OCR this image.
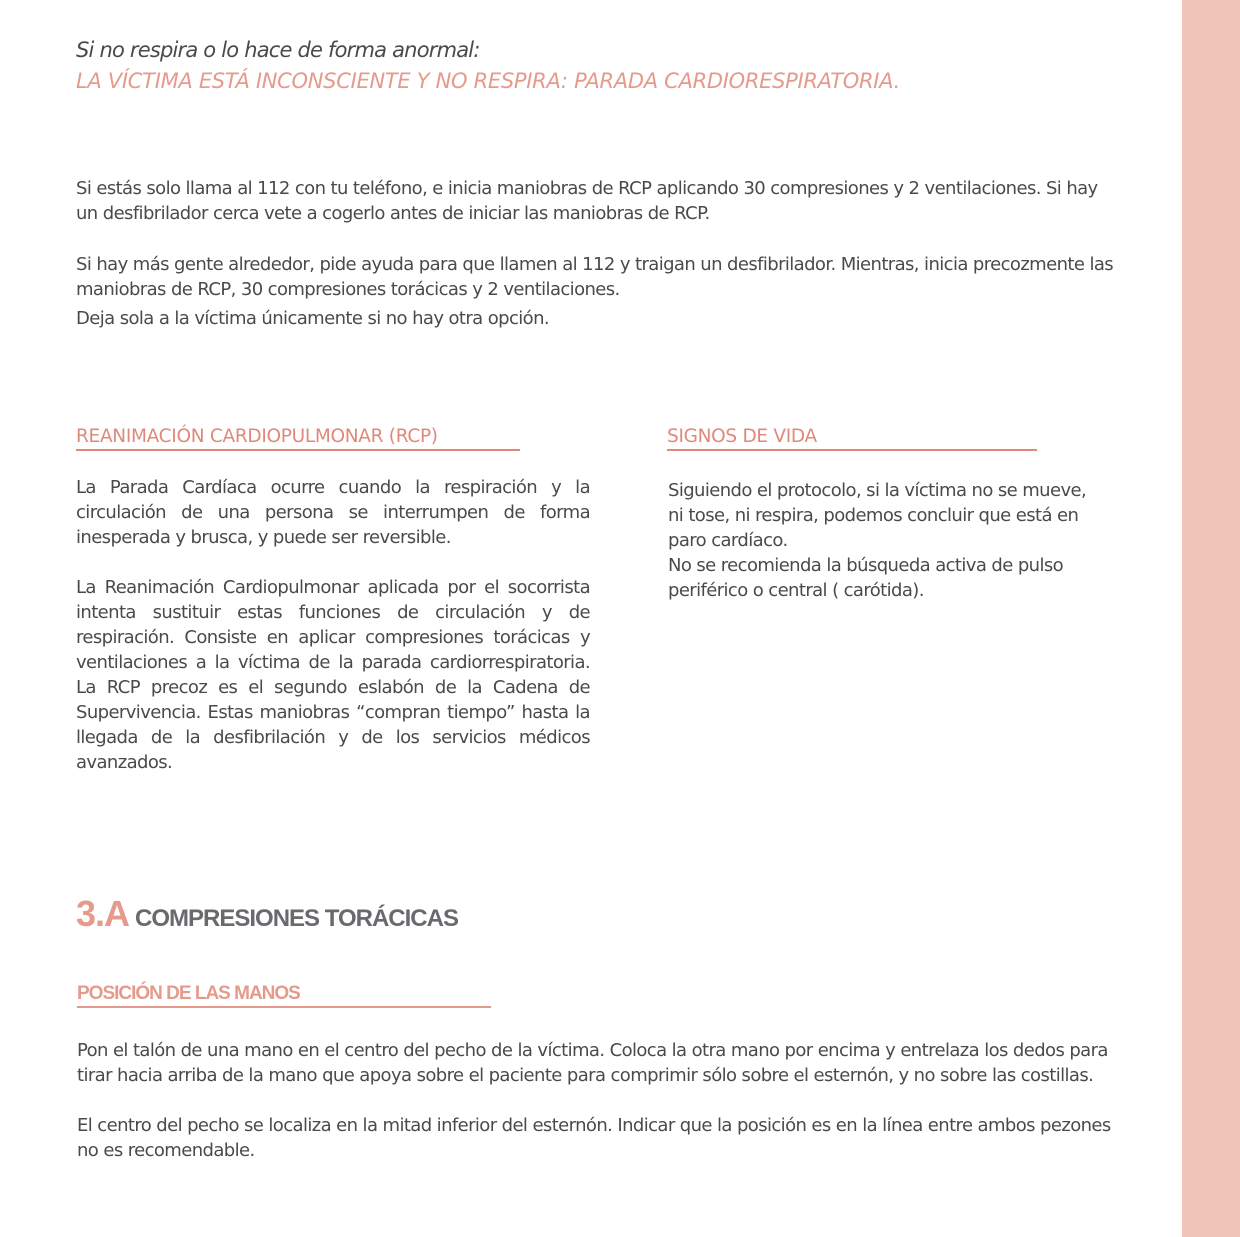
Si no respira o lo hace de forma anormal:
LA VÍCTIMA ESTÁ INCONSCIENTE Y NO RESPIRA: PARADA CARDIORESPIRATORIA.

Si estás solo llama al 112 con tu teléfono, e inicia maniobras de RCP aplicando 30 compresiones y 2 ventilaciones. Si hay un desfibrilador cerca vete a cogerlo antes de iniciar las maniobras de RCP.

Si hay más gente alrededor, pide ayuda para que llamen al 112 y traigan un desfibrilador. Mientras, inicia precozmente las maniobras de RCP, 30 compresiones torácicas y 2 ventilaciones.

Deja sola a la víctima únicamente si no hay otra opción.

REANIMACIÓN CARDIOPULMONAR (RCP)

La Parada Cardíaca ocurre cuando la respiración y la circulación de una persona se interrumpen de forma inesperada y brusca, y puede ser reversible.

La Reanimación Cardiopulmonar aplicada por el socorrista intenta sustituir estas funciones de circulación y de respiración. Consiste en aplicar compresiones torácicas y ventilaciones a la víctima de la parada cardiorrespiratoria. La RCP precoz es el segundo eslabón de la Cadena de Supervivencia. Estas maniobras “compran tiempo” hasta la llegada de la desfibrilación y de los servicios médicos avanzados.

SIGNOS DE VIDA

Siguiendo el protocolo, si la víctima no se mueve, ni tose, ni respira, podemos concluir que está en paro cardíaco.

No se recomienda la búsqueda activa de pulso periférico o central ( carótida).

3.A COMPRESIONES TORÁCICAS
POSICIÓN DE LAS MANOS

Pon el talón de una mano en el centro del pecho de la víctima. Coloca la otra mano por encima y entrelaza los dedos para tirar hacia arriba de la mano que apoya sobre el paciente para comprimir sólo sobre el esternón, y no sobre las costillas.

El centro del pecho se localiza en la mitad inferior del esternón. Indicar que la posición es en la línea entre ambos pezones no es recomendable.
